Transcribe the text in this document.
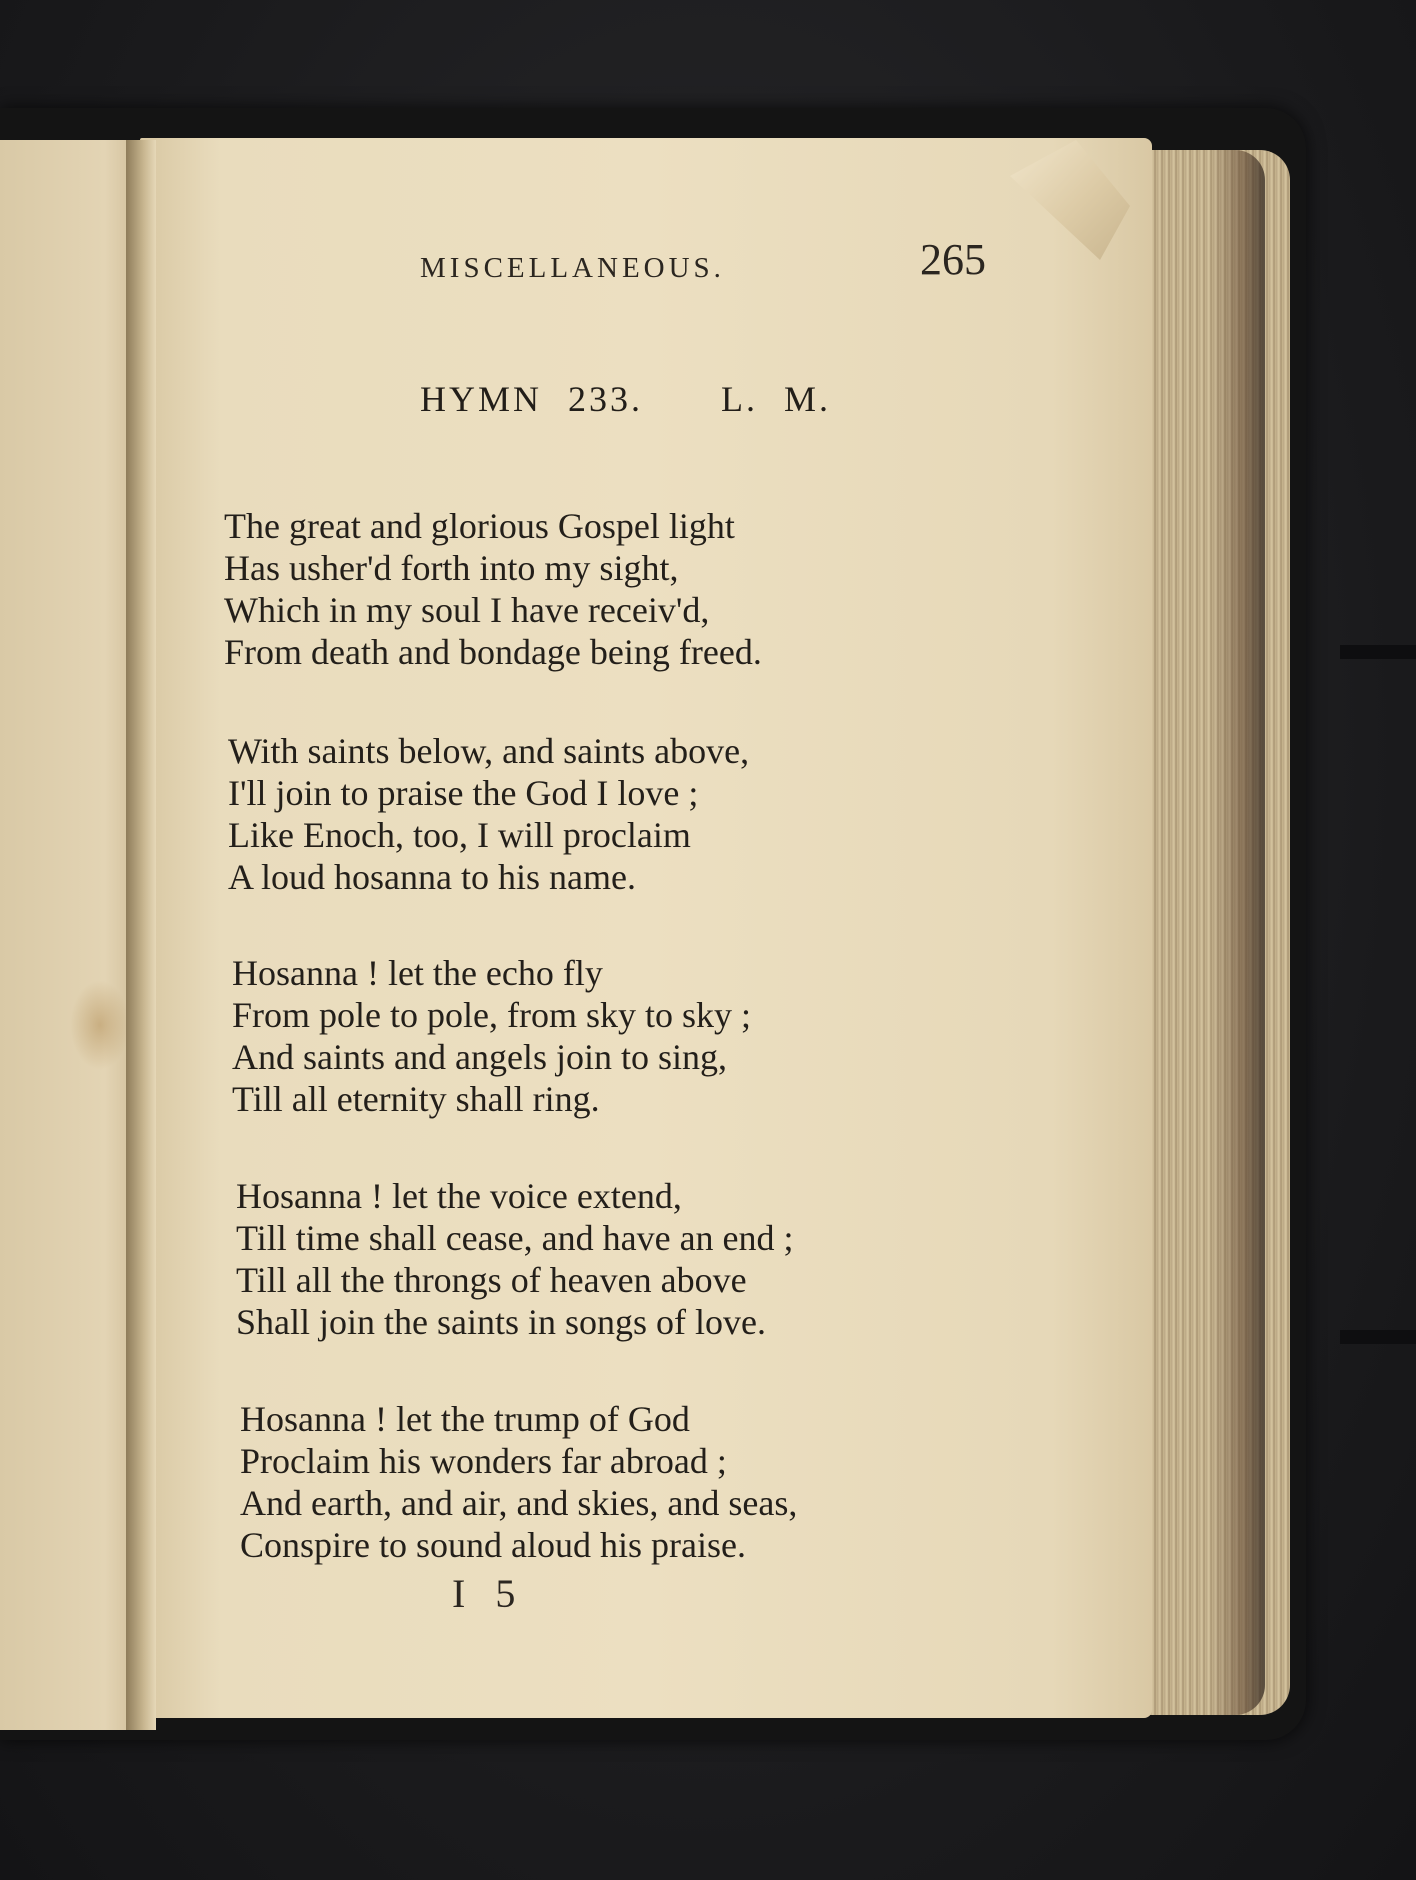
MISCELLANEOUS.	265
HYMN 233.   L. M.
The great and glorious Gospel light
Has usher'd forth into my sight,
Which in my soul I have receiv'd,
From death and bondage being freed.
With saints below, and saints above,
I'll join to praise the God I love ;
Like Enoch, too, I will proclaim
A loud hosanna to his name.
Hosanna ! let the echo fly
From pole to pole, from sky to sky ;
And saints and angels join to sing,
Till all eternity shall ring.
Hosanna ! let the voice extend,
Till time shall cease, and have an end ;
Till all the throngs of heaven above
Shall join the saints in songs of love.
Hosanna ! let the trump of God
Proclaim his wonders far abroad ;
And earth, and air, and skies, and seas,
Conspire to sound aloud his praise.
I 5
